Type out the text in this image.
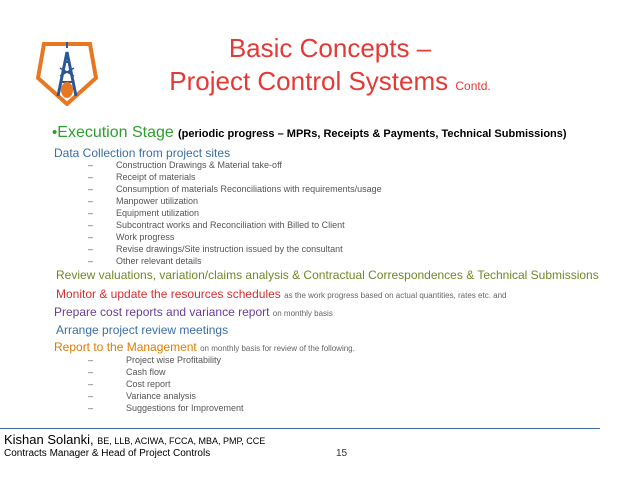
Basic Concepts –
Project Control Systems Contd.
•Execution Stage (periodic progress – MPRs, Receipts & Payments, Technical Submissions)
Data Collection from project sites
–	Construction Drawings & Material take-off
–	Receipt of materials
–	Consumption of materials Reconciliations with requirements/usage
–	Manpower utilization
–	Equipment utilization
–	Subcontract works and Reconciliation with Billed to Client
–	Work progress
–	Revise drawings/Site instruction issued by the consultant
–	Other relevant details
Review valuations, variation/claims analysis & Contractual Correspondences & Technical Submissions
Monitor & update the resources schedules as the work progress based on actual quantities, rates etc. and
Prepare cost reports and variance report on monthly basis
Arrange project review meetings
Report to the Management on monthly basis for review of the following.
–	Project wise Profitability
–	Cash flow
–	Cost report
–	Variance analysis
–	Suggestions for Improvement
Kishan Solanki, BE, LLB, ACIWA, FCCA, MBA, PMP, CCE
Contracts Manager & Head of Project Controls	15
